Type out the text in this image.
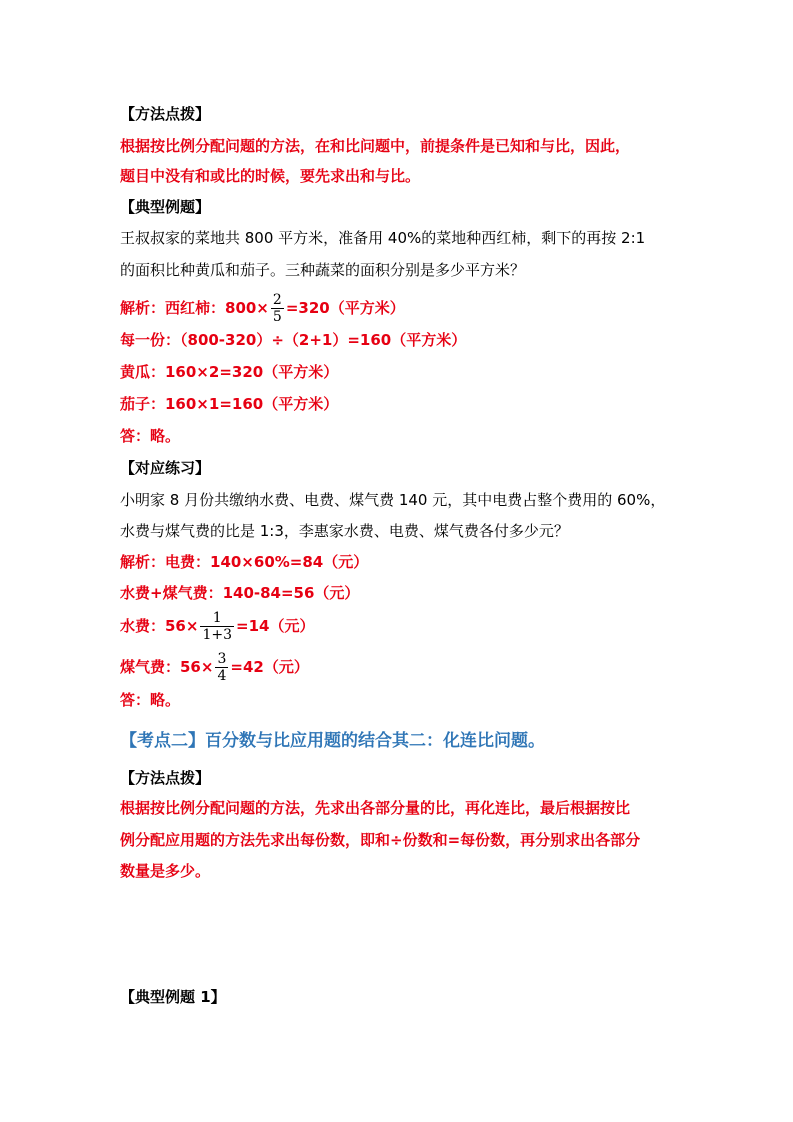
【方法点拨】
根据按比例分配问题的方法，在和比问题中，前提条件是已知和与比，因此，
题目中没有和或比的时候，要先求出和与比。
【典型例题】
王叔叔家的菜地共 800 平方米，准备用 40%的菜地种西红柿，剩下的再按 2:1
的面积比种黄瓜和茄子。三种蔬菜的面积分别是多少平方米？
解析：西红柿：$800\times \frac{2}{5} =320$（平方米）
每一份：（800-320）÷（2+1）=160（平方米）
黄瓜：160×2=320（平方米）
茄子：160×1=160（平方米）
答：略。
【对应练习】
小明家 8 月份共缴纳水费、电费、煤气费 140 元，其中电费占整个费用的 60%，
水费与煤气费的比是 1:3，李惠家水费、电费、煤气费各付多少元？
解析：电费：140×60%=84（元）
水费+煤气费：140-84=56（元）
水费：$56\times \frac{1}{1+3} =14$（元）
煤气费：$56\times \frac{3}{4} =42$（元）
答：略。
【考点二】百分数与比应用题的结合其二：化连比问题。
【方法点拨】
根据按比例分配问题的方法，先求出各部分量的比，再化连比，最后根据按比
例分配应用题的方法先求出每份数，即和÷份数和=每份数，再分别求出各部分
数量是多少。
【典型例题 1】
